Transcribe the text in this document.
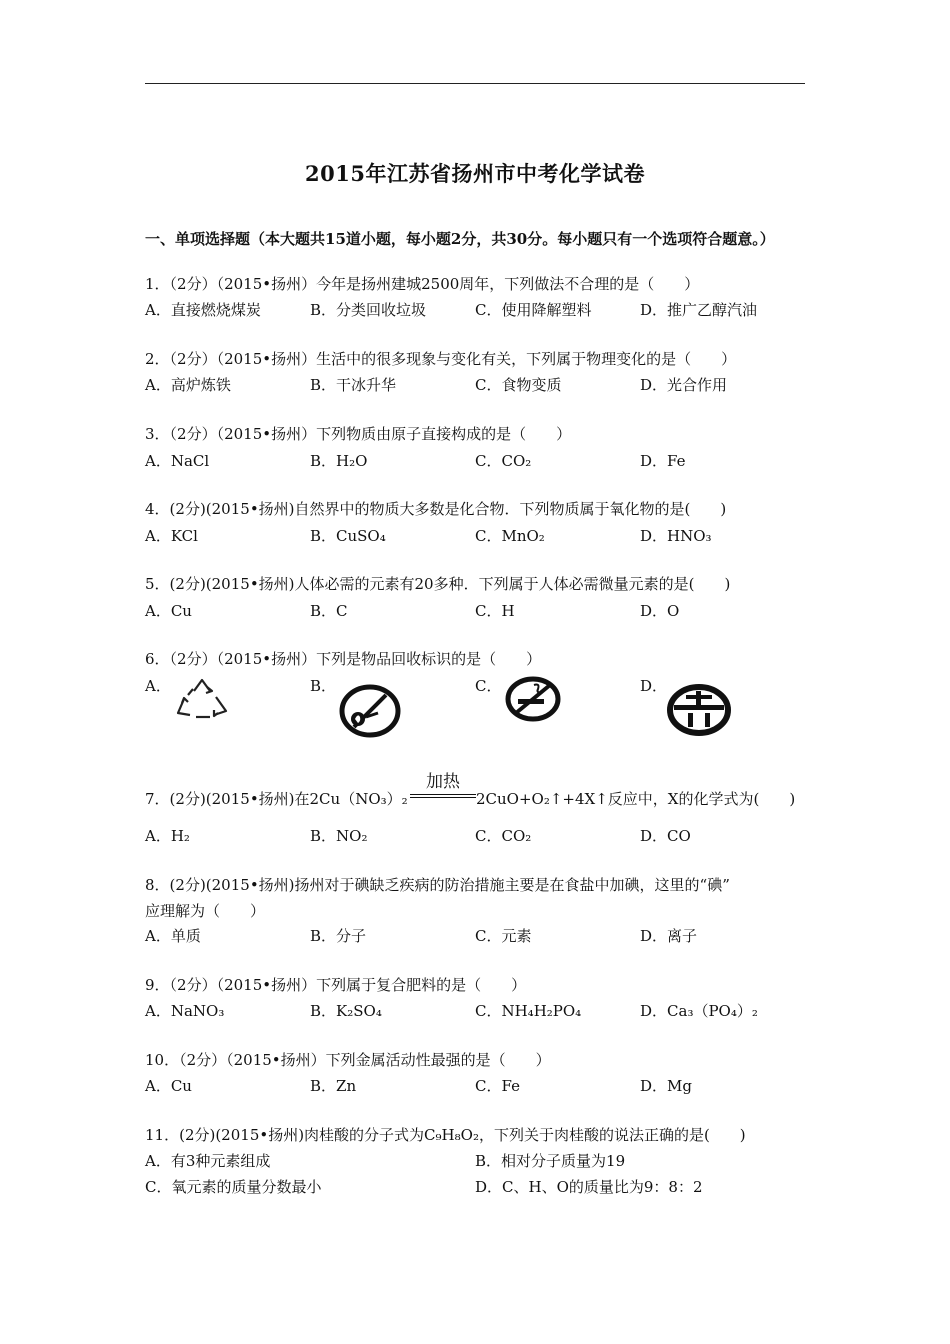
2015年江苏省扬州市中考化学试卷
一、单项选择题（本大题共15道小题，每小题2分，共30分。每小题只有一个选项符合题意。）
1．（2分）（2015•扬州）今年是扬州建城2500周年，下列做法不合理的是（　　）
A．直接燃烧煤炭	B．分类回收垃圾	C．使用降解塑料	D．推广乙醇汽油
2．（2分）（2015•扬州）生活中的很多现象与变化有关，下列属于物理变化的是（　　）
A．高炉炼铁	B．干冰升华	C．食物变质	D．光合作用
3．（2分）（2015•扬州）下列物质由原子直接构成的是（　　）
A．NaCl	B．H₂O	C．CO₂	D．Fe
4．(2分)(2015•扬州)自然界中的物质大多数是化合物．下列物质属于氧化物的是(　　)
A．KCl	B．CuSO₄	C．MnO₂	D．HNO₃
5．(2分)(2015•扬州)人体必需的元素有20多种．下列属于人体必需微量元素的是(　　)
A．Cu	B．C	C．H	D．O
6．（2分）（2015•扬州）下列是物品回收标识的是（　　）
A．	B．	C．	D．
7．(2分)(2015•扬州)在2Cu（NO₃）₂
加热
2CuO+O₂↑+4X↑反应中，X的化学式为(　　)
A．H₂	B．NO₂	C．CO₂	D．CO
8．(2分)(2015•扬州)扬州对于碘缺乏疾病的防治措施主要是在食盐中加碘，这里的“碘”
应理解为（　　）
A．单质	B．分子	C．元素	D．离子
9．（2分）（2015•扬州）下列属于复合肥料的是（　　）
A．NaNO₃	B．K₂SO₄	C．NH₄H₂PO₄	D．Ca₃（PO₄）₂
10．（2分）（2015•扬州）下列金属活动性最强的是（　　）
A．Cu	B．Zn	C．Fe	D．Mg
11．(2分)(2015•扬州)肉桂酸的分子式为C₉H₈O₂，下列关于肉桂酸的说法正确的是(　　)
A．有3种元素组成	B．相对分子质量为19
C．氧元素的质量分数最小	D．C、H、O的质量比为9：8：2
